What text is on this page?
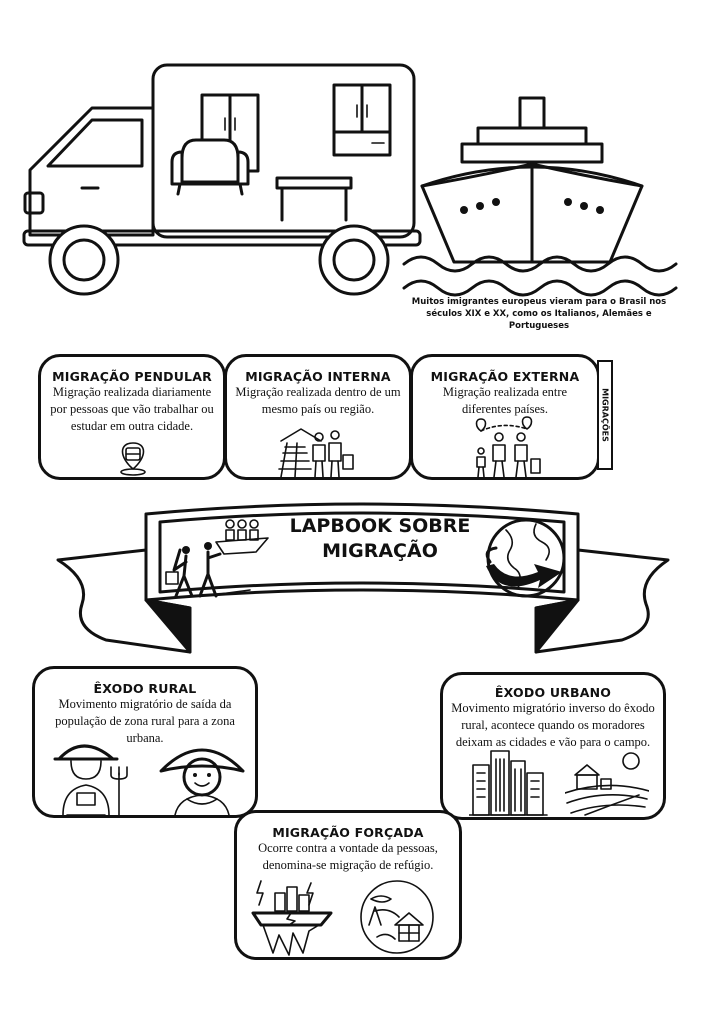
Muitos imigrantes europeus vieram para o Brasil nos séculos XIX e XX, como os Italianos, Alemães e Portugueses
MIGRAÇÃO PENDULAR

Migração realizada diariamente por pessoas que vão trabalhar ou estudar em outra cidade.

MIGRAÇÃO INTERNA

Migração realizada dentro de um mesmo país ou região.

MIGRAÇÃO EXTERNA

Migração realizada entre diferentes países.	MIGRAÇÕES
LAPBOOK SOBRE MIGRAÇÃO
ÊXODO RURAL

Movimento migratório de saída da população de zona rural para a zona urbana.

ÊXODO URBANO

Movimento migratório inverso do êxodo rural, acontece quando os moradores deixam as cidades e vão para o campo.

MIGRAÇÃO FORÇADA

Ocorre contra a vontade da pessoas, denomina-se migração de refúgio.
